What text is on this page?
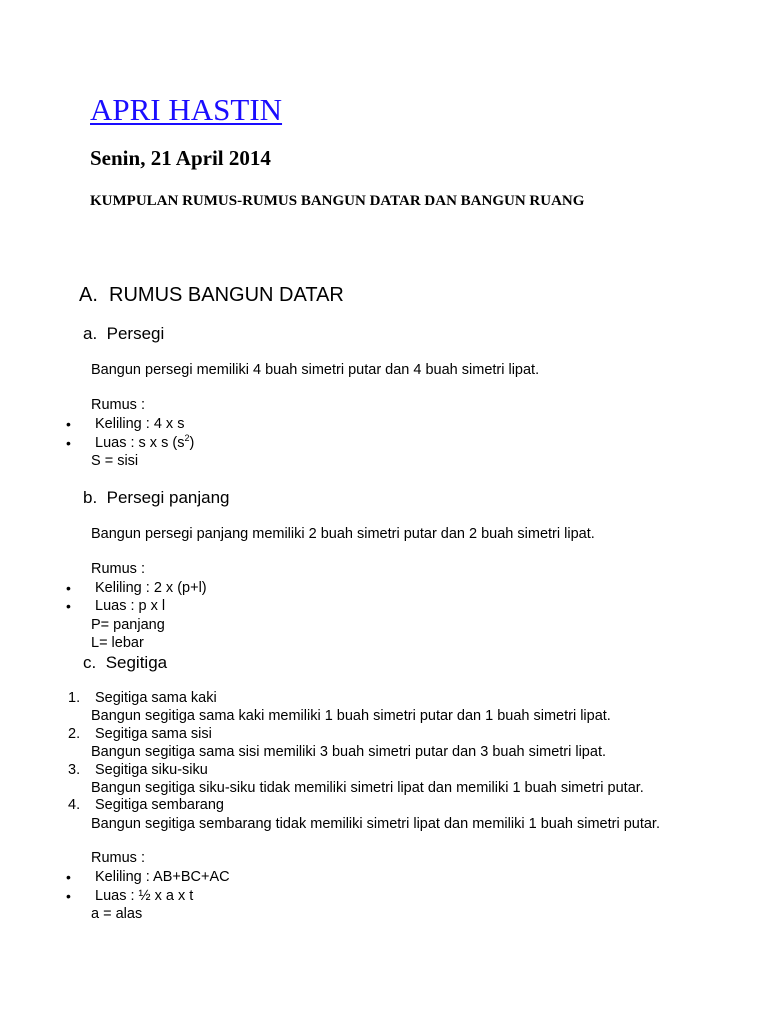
APRI HASTIN
Senin, 21 April 2014
KUMPULAN RUMUS-RUMUS BANGUN DATAR DAN BANGUN RUANG
A. RUMUS BANGUN DATAR
a. Persegi
Bangun persegi memiliki 4 buah simetri putar dan 4 buah simetri lipat.
Rumus :
• Keliling : 4 x s
• Luas : s x s $(s^2)$
S = sisi
b. Persegi panjang
Bangun persegi panjang memiliki 2 buah simetri putar dan 2 buah simetri lipat.
Rumus :
• Keliling : 2 x (p+l)
• Luas : p x l
P= panjang
L= lebar
c. Segitiga
1. Segitiga sama kaki
Bangun segitiga sama kaki memiliki 1 buah simetri putar dan 1 buah simetri lipat.
2. Segitiga sama sisi
Bangun segitiga sama sisi memiliki 3 buah simetri putar dan 3 buah simetri lipat.
3. Segitiga siku-siku
Bangun segitiga siku-siku tidak memiliki simetri lipat dan memiliki 1 buah simetri putar.
4. Segitiga sembarang
Bangun segitiga sembarang tidak memiliki simetri lipat dan memiliki 1 buah simetri putar.
Rumus :
• Keliling : AB+BC+AC
• Luas : ½ x a x t
a = alas
